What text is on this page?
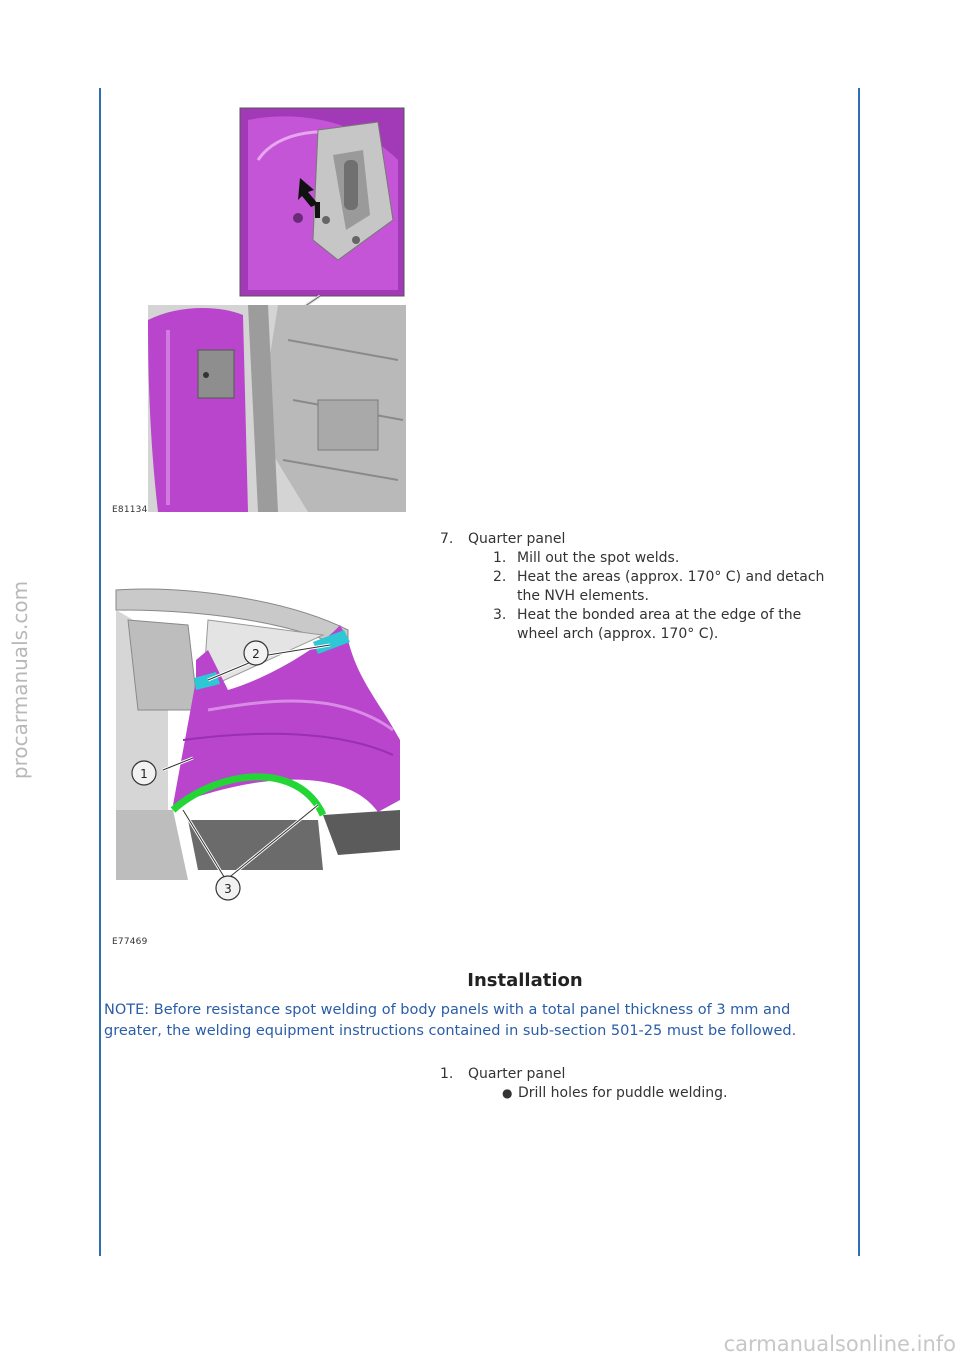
procarmanuals.com
E81134
7. Quarter panel
1. Mill out the spot welds.
2. Heat the areas (approx. 170° C) and detach the NVH elements.
3. Heat the bonded area at the edge of the wheel arch (approx. 170° C).
1
2
3
E77469
Installation
NOTE: Before resistance spot welding of body panels with a total panel thickness of 3 mm and greater, the welding equipment instructions contained in sub-section 501-25 must be followed.
1. Quarter panel
● Drill holes for puddle welding.
carmanualsonline.info
